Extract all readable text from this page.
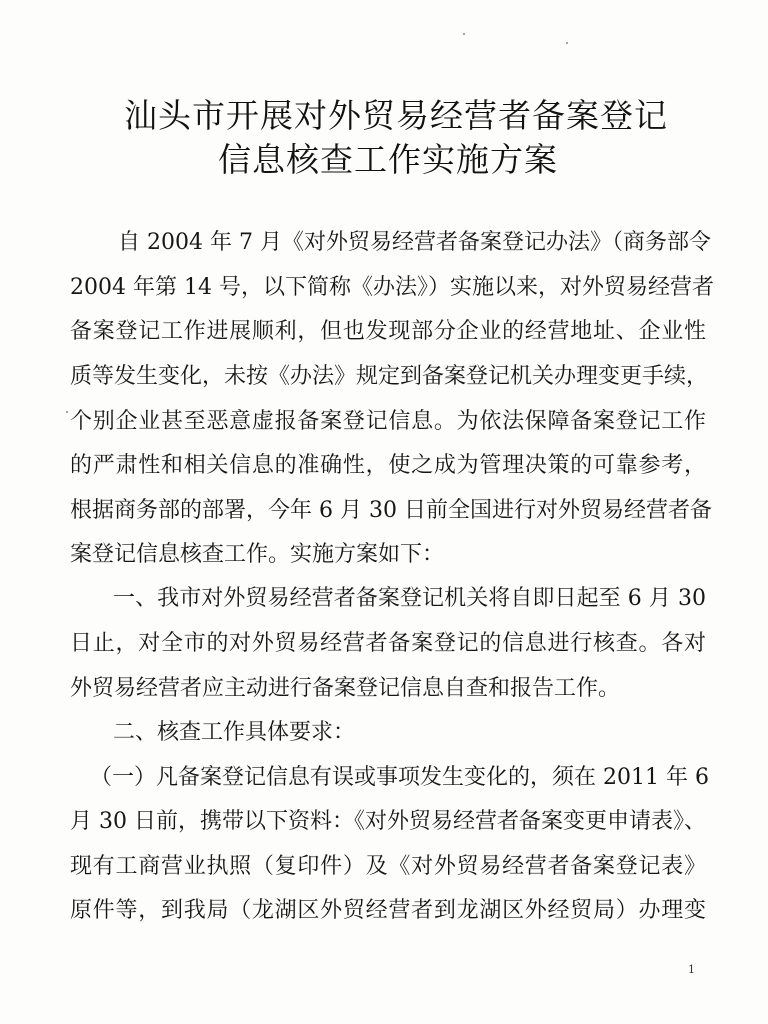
汕头市开展对外贸易经营者备案登记
信息核查工作实施方案
自 2004 年 7 月《对外贸易经营者备案登记办法》（商务部令
2004 年第 14 号，以下简称《办法》）实施以来，对外贸易经营者
备案登记工作进展顺利，但也发现部分企业的经营地址、企业性
质等发生变化，未按《办法》规定到备案登记机关办理变更手续，
个别企业甚至恶意虚报备案登记信息。为依法保障备案登记工作
的严肃性和相关信息的准确性，使之成为管理决策的可靠参考，
根据商务部的部署，今年 6 月 30 日前全国进行对外贸易经营者备
案登记信息核查工作。实施方案如下：
一、我市对外贸易经营者备案登记机关将自即日起至 6 月 30
日止，对全市的对外贸易经营者备案登记的信息进行核查。各对
外贸易经营者应主动进行备案登记信息自查和报告工作。
二、核查工作具体要求：
（一）凡备案登记信息有误或事项发生变化的，须在 2011 年 6
月 30 日前，携带以下资料：《对外贸易经营者备案变更申请表》、
现有工商营业执照（复印件）及《对外贸易经营者备案登记表》
原件等，到我局（龙湖区外贸经营者到龙湖区外经贸局）办理变
1
